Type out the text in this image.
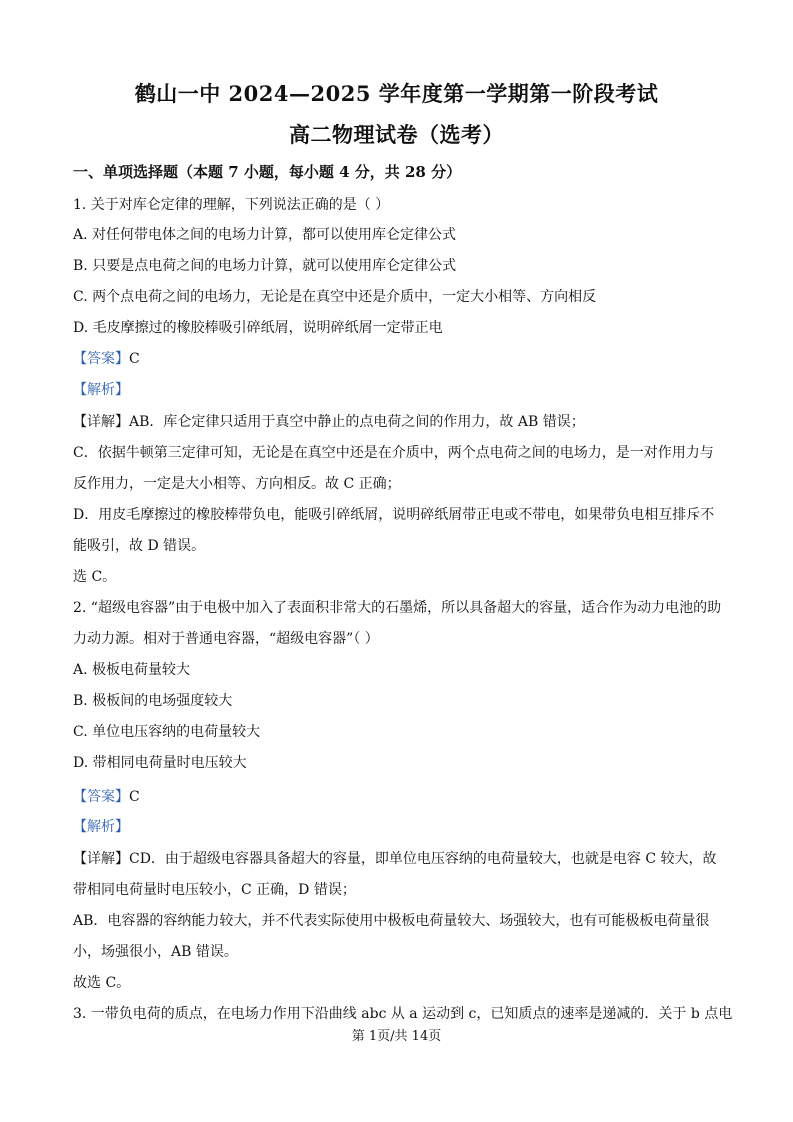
鹤山一中 2024—2025 学年度第一学期第一阶段考试
高二物理试卷（选考）
一、单项选择题（本题 7 小题，每小题 4 分，共 28 分）
1. 关于对库仑定律的理解，下列说法正确的是（ ）
A. 对任何带电体之间的电场力计算，都可以使用库仑定律公式
B. 只要是点电荷之间的电场力计算，就可以使用库仑定律公式
C. 两个点电荷之间的电场力，无论是在真空中还是介质中，一定大小相等、方向相反
D. 毛皮摩擦过的橡胶棒吸引碎纸屑，说明碎纸屑一定带正电
【答案】C
【解析】
【详解】AB．库仑定律只适用于真空中静止的点电荷之间的作用力，故 AB 错误；
C．依据牛顿第三定律可知，无论是在真空中还是在介质中，两个点电荷之间的电场力，是一对作用力与
反作用力，一定是大小相等、方向相反。故 C 正确；
D．用皮毛摩擦过的橡胶棒带负电，能吸引碎纸屑，说明碎纸屑带正电或不带电，如果带负电相互排斥不
能吸引，故 D 错误。
选 C。
2. “超级电容器”由于电极中加入了表面积非常大的石墨烯，所以具备超大的容量，适合作为动力电池的助
力动力源。相对于普通电容器，“超级电容器”（ ）
A. 极板电荷量较大
B. 极板间的电场强度较大
C. 单位电压容纳的电荷量较大
D. 带相同电荷量时电压较大
【答案】C
【解析】
【详解】CD．由于超级电容器具备超大的容量，即单位电压容纳的电荷量较大，也就是电容 C 较大，故
带相同电荷量时电压较小，C 正确，D 错误；
AB．电容器的容纳能力较大，并不代表实际使用中极板电荷量较大、场强较大，也有可能极板电荷量很
小，场强很小，AB 错误。
故选 C。
3. 一带负电荷的质点，在电场力作用下沿曲线 abc 从 a 运动到 c，已知质点的速率是递减的．关于 b 点电
第 1页/共 14页
